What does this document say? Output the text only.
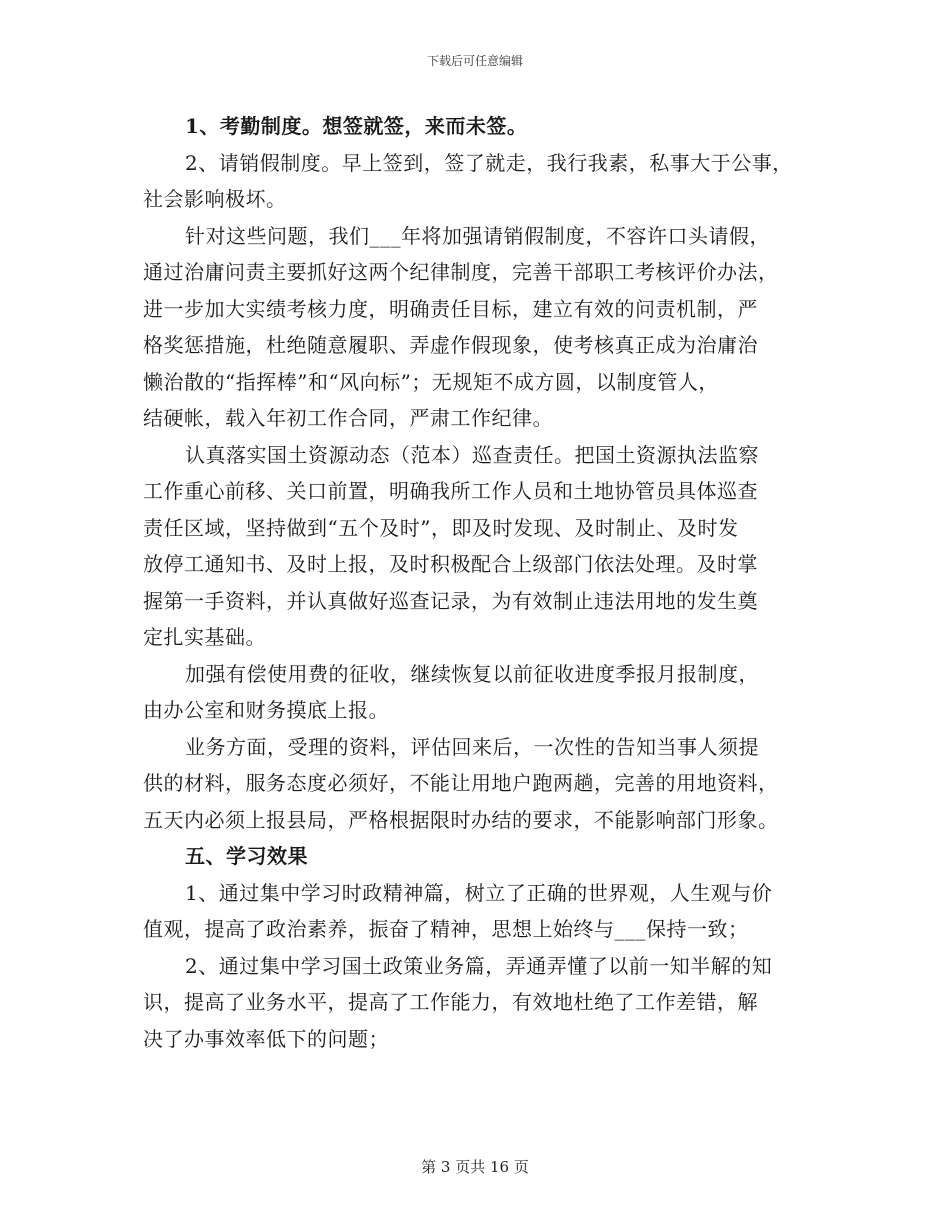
下载后可任意编辑
1、考勤制度。想签就签，来而未签。
2、请销假制度。早上签到，签了就走，我行我素，私事大于公事，
社会影响极坏。
针对这些问题，我们___年将加强请销假制度，不容许口头请假，
通过治庸问责主要抓好这两个纪律制度，完善干部职工考核评价办法，
进一步加大实绩考核力度，明确责任目标，建立有效的问责机制，严
格奖惩措施，杜绝随意履职、弄虚作假现象，使考核真正成为治庸治
懒治散的“指挥棒”和“风向标”；无规矩不成方圆，以制度管人，
结硬帐，载入年初工作合同，严肃工作纪律。
认真落实国土资源动态（范本）巡查责任。把国土资源执法监察
工作重心前移、关口前置，明确我所工作人员和土地协管员具体巡查
责任区域，坚持做到“五个及时”，即及时发现、及时制止、及时发
放停工通知书、及时上报，及时积极配合上级部门依法处理。及时掌
握第一手资料，并认真做好巡查记录，为有效制止违法用地的发生奠
定扎实基础。
加强有偿使用费的征收，继续恢复以前征收进度季报月报制度，
由办公室和财务摸底上报。
业务方面，受理的资料，评估回来后，一次性的告知当事人须提
供的材料，服务态度必须好，不能让用地户跑两趟，完善的用地资料，
五天内必须上报县局，严格根据限时办结的要求，不能影响部门形象。
五、学习效果
1、通过集中学习时政精神篇，树立了正确的世界观，人生观与价
值观，提高了政治素养，振奋了精神，思想上始终与___保持一致；
2、通过集中学习国土政策业务篇，弄通弄懂了以前一知半解的知
识，提高了业务水平，提高了工作能力，有效地杜绝了工作差错，解
决了办事效率低下的问题；
第 3 页共 16 页
